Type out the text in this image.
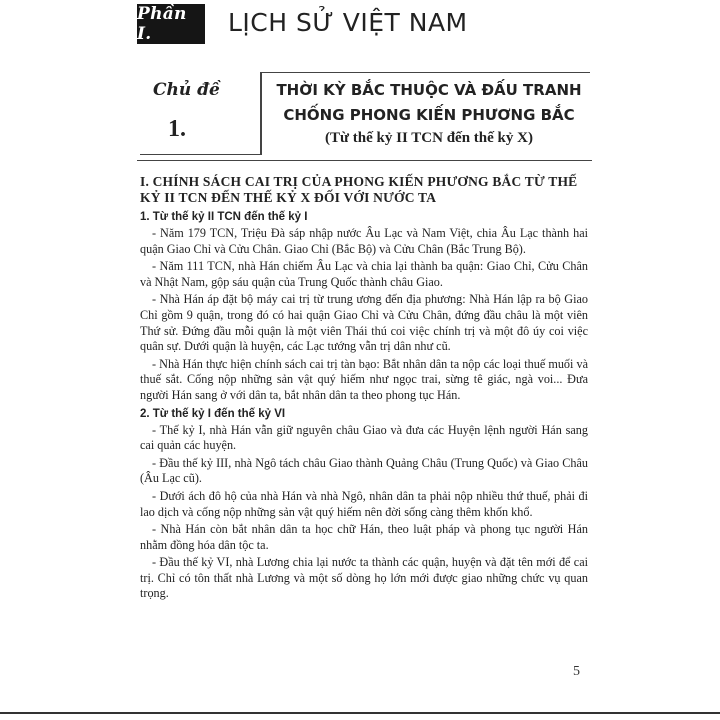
Phần I.	LỊCH SỬ VIỆT NAM
Chủ đề
1.
THỜI KỲ BẮC THUỘC VÀ ĐẤU TRANH
CHỐNG PHONG KIẾN PHƯƠNG BẮC
(Từ thế kỷ II TCN đến thế kỷ X)
I. CHÍNH SÁCH CAI TRỊ CỦA PHONG KIẾN PHƯƠNG BẮC TỪ THẾ KỶ II TCN ĐẾN THẾ KỶ X ĐỐI VỚI NƯỚC TA
1. Từ thế kỷ II TCN đến thế kỷ I

- Năm 179 TCN, Triệu Đà sáp nhập nước Âu Lạc và Nam Việt, chia Âu Lạc thành hai quận Giao Chỉ và Cửu Chân. Giao Chỉ (Bắc Bộ) và Cửu Chân (Bắc Trung Bộ).

- Năm 111 TCN, nhà Hán chiếm Âu Lạc và chia lại thành ba quận: Giao Chỉ, Cửu Chân và Nhật Nam, gộp sáu quận của Trung Quốc thành châu Giao.

- Nhà Hán áp đặt bộ máy cai trị từ trung ương đến địa phương: Nhà Hán lập ra bộ Giao Chỉ gồm 9 quận, trong đó có hai quận Giao Chỉ và Cửu Chân, đứng đầu châu là một viên Thứ sử. Đứng đầu mỗi quận là một viên Thái thú coi việc chính trị và một đô úy coi việc quân sự. Dưới quận là huyện, các Lạc tướng vẫn trị dân như cũ.

- Nhà Hán thực hiện chính sách cai trị tàn bạo: Bắt nhân dân ta nộp các loại thuế muối và thuế sắt. Cống nộp những sản vật quý hiếm như ngọc trai, sừng tê giác, ngà voi... Đưa người Hán sang ở với dân ta, bắt nhân dân ta theo phong tục Hán.

2. Từ thế kỷ I đến thế kỷ VI

- Thế kỷ I, nhà Hán vẫn giữ nguyên châu Giao và đưa các Huyện lệnh người Hán sang cai quản các huyện.

- Đầu thế kỷ III, nhà Ngô tách châu Giao thành Quảng Châu (Trung Quốc) và Giao Châu (Âu Lạc cũ).

- Dưới ách đô hộ của nhà Hán và nhà Ngô, nhân dân ta phải nộp nhiều thứ thuế, phải đi lao dịch và cống nộp những sản vật quý hiếm nên đời sống càng thêm khốn khổ.

- Nhà Hán còn bắt nhân dân ta học chữ Hán, theo luật pháp và phong tục người Hán nhằm đồng hóa dân tộc ta.

- Đầu thế kỷ VI, nhà Lương chia lại nước ta thành các quận, huyện và đặt tên mới để cai trị. Chỉ có tôn thất nhà Lương và một số dòng họ lớn mới được giao những chức vụ quan trọng.

5
